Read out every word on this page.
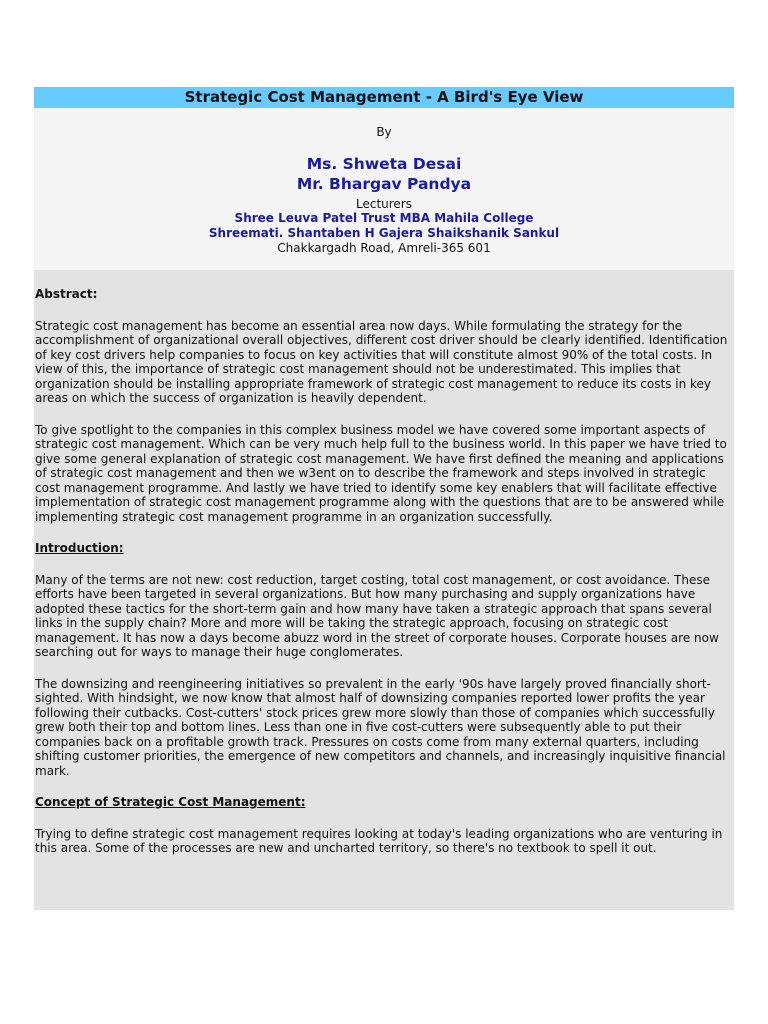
Strategic Cost Management - A Bird's Eye View
By
Ms. Shweta Desai
Mr. Bhargav Pandya
Lecturers
Shree Leuva Patel Trust MBA Mahila College
Shreemati. Shantaben H Gajera Shaikshanik Sankul
Chakkargadh Road, Amreli-365 601

Abstract:

Strategic cost management has become an essential area now days. While formulating the strategy for the accomplishment of organizational overall objectives, different cost driver should be clearly identified. Identification of key cost drivers help companies to focus on key activities that will constitute almost 90% of the total costs. In view of this, the importance of strategic cost management should not be underestimated. This implies that organization should be installing appropriate framework of strategic cost management to reduce its costs in key areas on which the success of organization is heavily dependent.

To give spotlight to the companies in this complex business model we have covered some important aspects of strategic cost management. Which can be very much help full to the business world. In this paper we have tried to give some general explanation of strategic cost management. We have first defined the meaning and applications of strategic cost management and then we w3ent on to describe the framework and steps involved in strategic cost management programme. And lastly we have tried to identify some key enablers that will facilitate effective implementation of strategic cost management programme along with the questions that are to be answered while implementing strategic cost management programme in an organization successfully.

Introduction:

Many of the terms are not new: cost reduction, target costing, total cost management, or cost avoidance. These efforts have been targeted in several organizations. But how many purchasing and supply organizations have adopted these tactics for the short-term gain and how many have taken a strategic approach that spans several links in the supply chain? More and more will be taking the strategic approach, focusing on strategic cost management. It has now a days become abuzz word in the street of corporate houses. Corporate houses are now searching out for ways to manage their huge conglomerates.

The downsizing and reengineering initiatives so prevalent in the early '90s have largely proved financially short-sighted. With hindsight, we now know that almost half of downsizing companies reported lower profits the year following their cutbacks. Cost-cutters' stock prices grew more slowly than those of companies which successfully grew both their top and bottom lines. Less than one in five cost-cutters were subsequently able to put their companies back on a profitable growth track. Pressures on costs come from many external quarters, including shifting customer priorities, the emergence of new competitors and channels, and increasingly inquisitive financial mark.

Concept of Strategic Cost Management:

Trying to define strategic cost management requires looking at today's leading organizations who are venturing in this area. Some of the processes are new and uncharted territory, so there's no textbook to spell it out.
